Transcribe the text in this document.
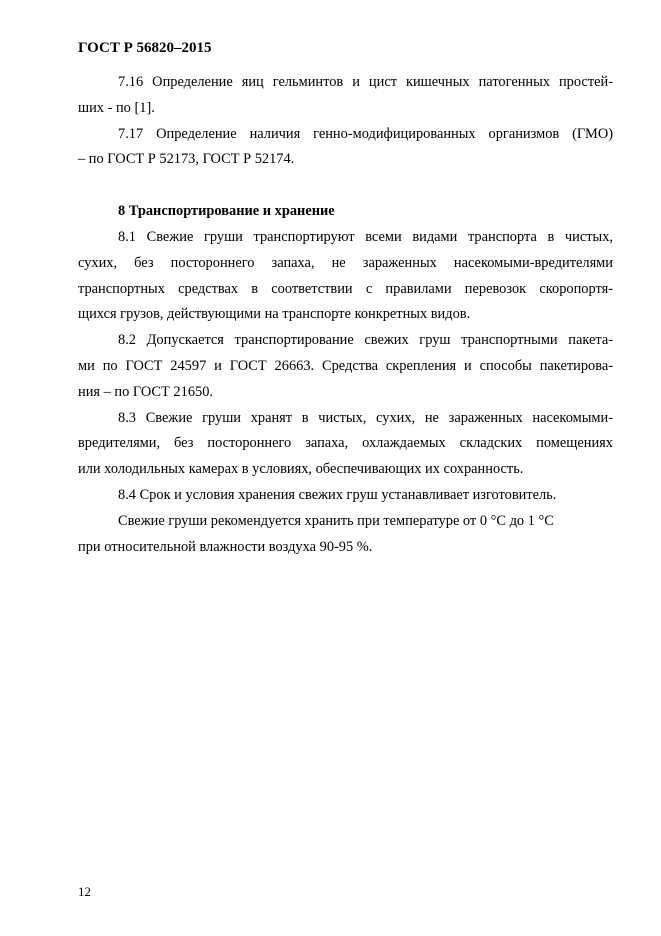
ГОСТ Р 56820–2015

7.16 Определение яиц гельминтов и цист кишечных патогенных простей-
ших - по [1].

7.17 Определение наличия генно-модифицированных организмов (ГМО)
– по ГОСТ Р 52173, ГОСТ Р 52174.

8 Транспортирование и хранение

8.1 Свежие груши транспортируют всеми видами транспорта в чистых,
сухих, без постороннего запаха, не зараженных насекомыми-вредителями
транспортных средствах в соответствии с правилами перевозок скоропортя-
щихся грузов, действующими на транспорте конкретных видов.

8.2 Допускается транспортирование свежих груш транспортными пакета-
ми по ГОСТ 24597 и ГОСТ 26663. Средства скрепления и способы пакетирова-
ния – по ГОСТ 21650.

8.3 Свежие груши хранят в чистых, сухих, не зараженных насекомыми-
вредителями, без постороннего запаха, охлаждаемых складских помещениях
или холодильных камерах в условиях, обеспечивающих их сохранность.

8.4 Срок и условия хранения свежих груш устанавливает изготовитель.

Свежие груши рекомендуется хранить при температуре от 0 °С до 1 °С
при относительной влажности воздуха 90-95 %.

12
